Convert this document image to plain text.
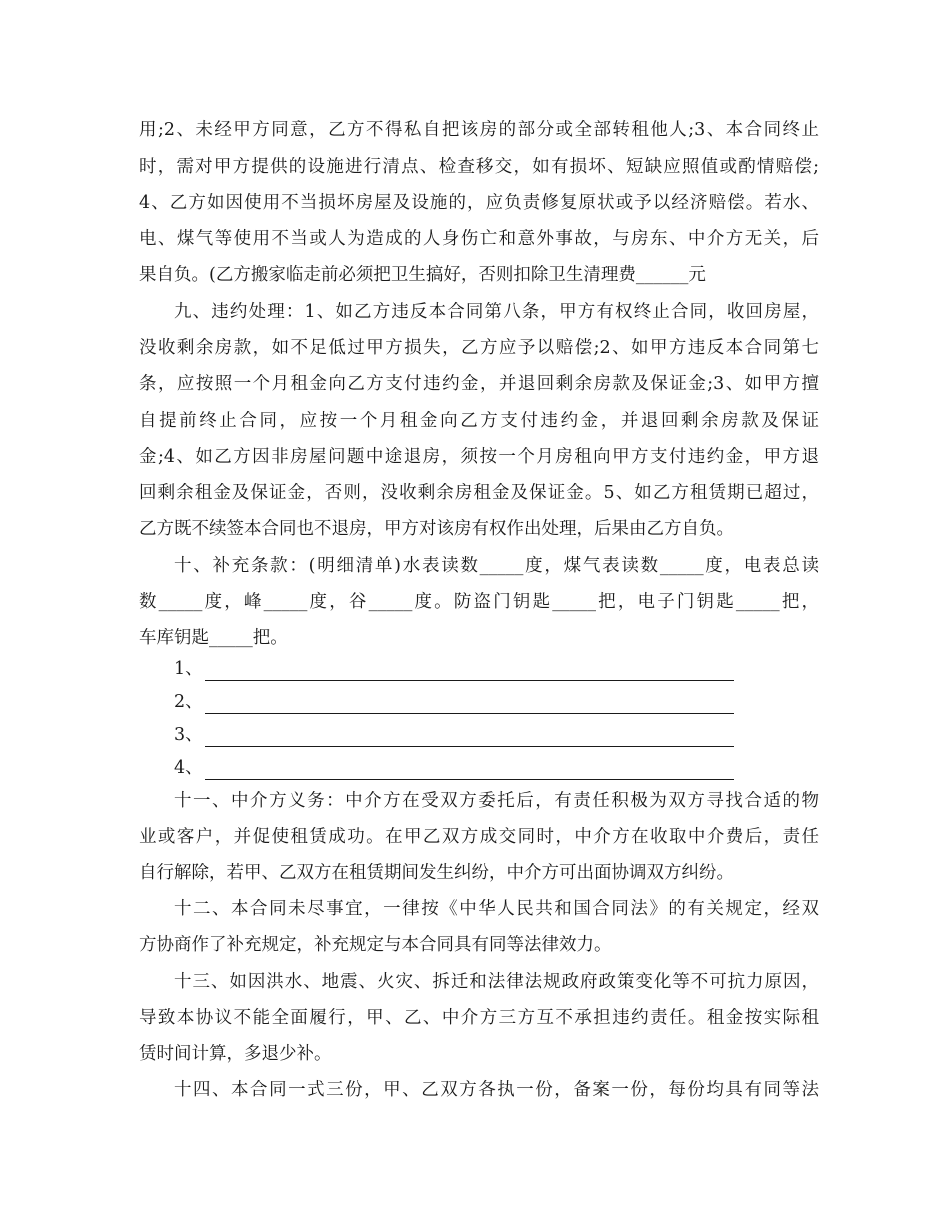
用;2、未经甲方同意，乙方不得私自把该房的部分或全部转租他人;3、本合同终止
时，需对甲方提供的设施进行清点、检查移交，如有损坏、短缺应照值或酌情赔偿;
4、乙方如因使用不当损坏房屋及设施的，应负责修复原状或予以经济赔偿。若水、
电、煤气等使用不当或人为造成的人身伤亡和意外事故，与房东、中介方无关，后
果自负。(乙方搬家临走前必须把卫生搞好，否则扣除卫生清理费______元
九、违约处理：1、如乙方违反本合同第八条，甲方有权终止合同，收回房屋，
没收剩余房款，如不足低过甲方损失，乙方应予以赔偿;2、如甲方违反本合同第七
条，应按照一个月租金向乙方支付违约金，并退回剩余房款及保证金;3、如甲方擅
自提前终止合同，应按一个月租金向乙方支付违约金，并退回剩余房款及保证
金;4、如乙方因非房屋问题中途退房，须按一个月房租向甲方支付违约金，甲方退
回剩余租金及保证金，否则，没收剩余房租金及保证金。5、如乙方租赁期已超过，
乙方既不续签本合同也不退房，甲方对该房有权作出处理，后果由乙方自负。
十、补充条款：(明细清单)水表读数_____度，煤气表读数_____度，电表总读
数_____度，峰_____度，谷_____度。防盗门钥匙_____把，电子门钥匙_____把，
车库钥匙_____把。
1、
2、
3、
4、
十一、中介方义务：中介方在受双方委托后，有责任积极为双方寻找合适的物
业或客户，并促使租赁成功。在甲乙双方成交同时，中介方在收取中介费后，责任
自行解除，若甲、乙双方在租赁期间发生纠纷，中介方可出面协调双方纠纷。
十二、本合同未尽事宜，一律按《中华人民共和国合同法》的有关规定，经双
方协商作了补充规定，补充规定与本合同具有同等法律效力。
十三、如因洪水、地震、火灾、拆迁和法律法规政府政策变化等不可抗力原因，
导致本协议不能全面履行，甲、乙、中介方三方互不承担违约责任。租金按实际租
赁时间计算，多退少补。
十四、本合同一式三份，甲、乙双方各执一份，备案一份，每份均具有同等法
